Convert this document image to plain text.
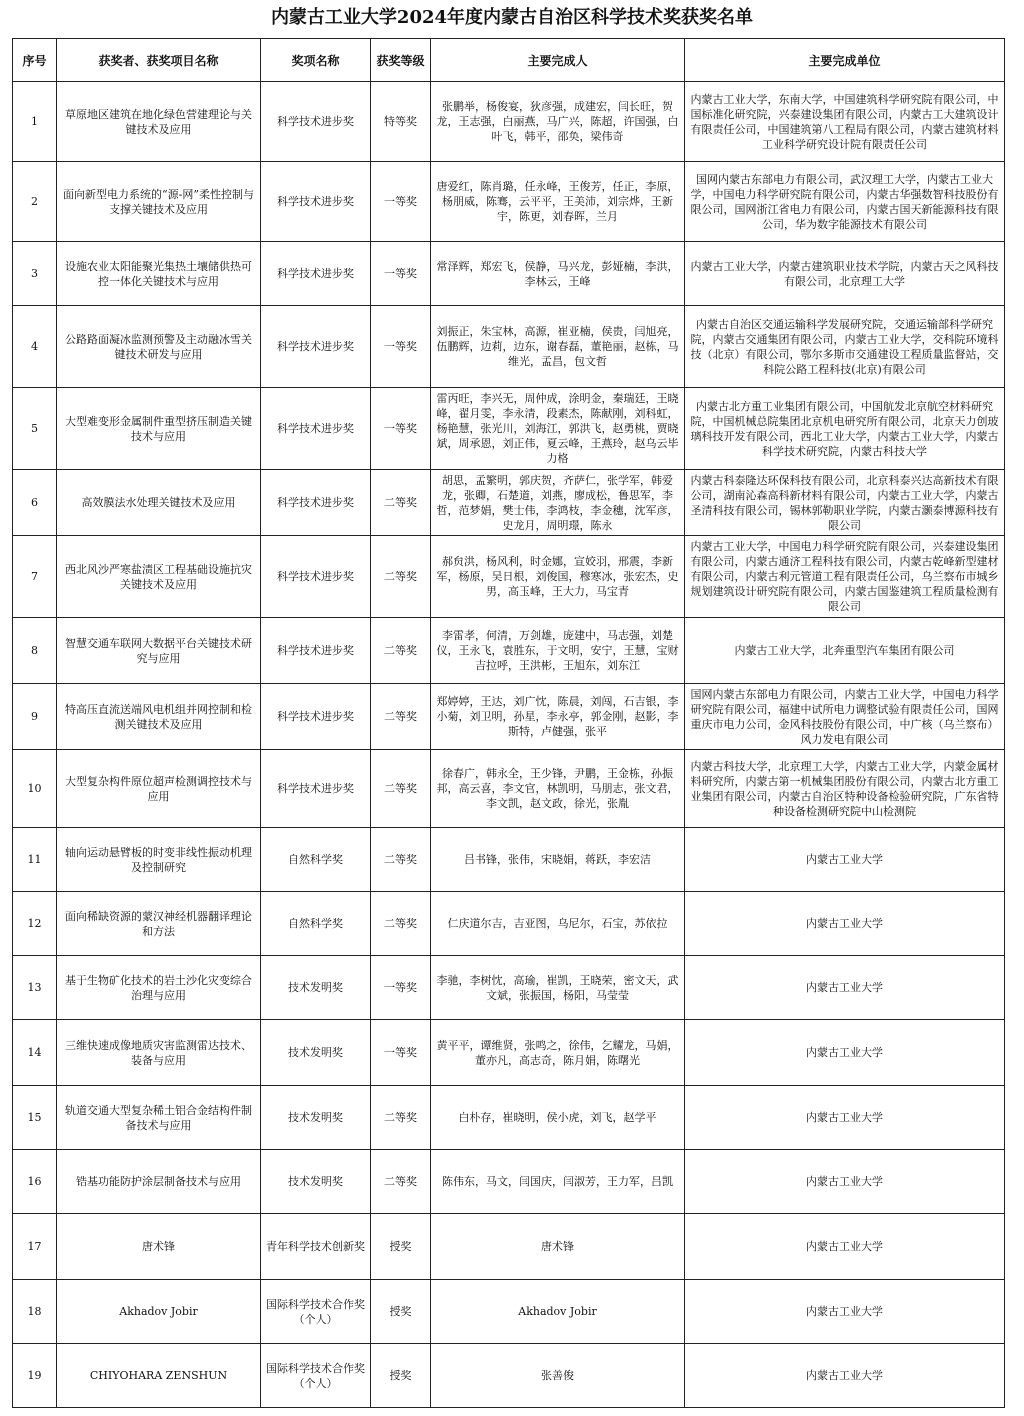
内蒙古工业大学2024年度内蒙古自治区科学技术奖获奖名单
序号	获奖者、获奖项目名称	奖项名称	获奖等级	主要完成人	主要完成单位

1	草原地区建筑在地化绿色营建理论与关键技术及应用	科学技术进步奖	特等奖	张鹏举，杨俊宴，狄彦强，成建宏，闫长旺，贺龙，王志强，白丽燕，马广兴，陈超，许国强，白叶飞，韩平，邵奂，梁伟奇	内蒙古工业大学，东南大学，中国建筑科学研究院有限公司，中国标准化研究院，兴泰建设集团有限公司，内蒙古工大建筑设计有限责任公司，中国建筑第八工程局有限公司，内蒙古建筑材料工业科学研究设计院有限责任公司

2	面向新型电力系统的“源-网”柔性控制与支撑关键技术及应用	科学技术进步奖	一等奖	唐爱红，陈肖璐，任永峰，王俊芳，任正，李原，杨朋威，陈骞，云平平，王美沛，刘宗烨，王新宇，陈更，刘春晖，兰月	国网内蒙古东部电力有限公司，武汉理工大学，内蒙古工业大学，中国电力科学研究院有限公司，内蒙古华强数智科技股份有限公司，国网浙江省电力有限公司，内蒙古国天新能源科技有限公司，华为数字能源技术有限公司

3	设施农业太阳能聚光集热土壤储供热可控一体化关键技术与应用	科学技术进步奖	一等奖	常泽辉，郑宏飞，侯静，马兴龙，彭娅楠，李洪，李林云，王峰	内蒙古工业大学，内蒙古建筑职业技术学院，内蒙古天之风科技有限公司，北京理工大学

4	公路路面凝冰监测预警及主动融冰雪关键技术研发与应用	科学技术进步奖	一等奖	刘振正，朱宝林，高源，崔亚楠，侯贵，闫旭亮，伍鹏辉，边莉，边东，谢春磊，董艳丽，赵栋，马维光，孟昌，包文哲	内蒙古自治区交通运输科学发展研究院，交通运输部科学研究院，内蒙古交通集团有限公司，内蒙古工业大学，交科院环境科技（北京）有限公司，鄂尔多斯市交通建设工程质量监督站，交科院公路工程科技(北京)有限公司

5	大型难变形金属制件重型挤压制造关键技术与应用	科学技术进步奖	一等奖	雷丙旺，李兴无，周仲成，涂明金，秦瑞廷，王晓峰，翟月雯，李永清，段素杰，陈献刚，刘科虹，杨艳慧，张光川，刘海江，郭洪飞，赵勇桃，贾晓斌，周承恩，刘正伟，夏云峰，王燕玲，赵乌云毕力格	内蒙古北方重工业集团有限公司，中国航发北京航空材料研究院，中国机械总院集团北京机电研究所有限公司，北京天力创玻璃科技开发有限公司，西北工业大学，内蒙古工业大学，内蒙古科学技术研究院，内蒙古科技大学

6	高效膜法水处理关键技术及应用	科学技术进步奖	二等奖	胡思，孟繁明，郭庆贺，齐萨仁，张学军，韩爱龙，张卿，石楚道，刘燕，廖成松，鲁思军，李哲，范梦娟，樊士伟，李鸿枝，李金穗，沈军彦，史龙月，周明璟，陈永	内蒙古科泰隆达环保科技有限公司，北京科泰兴达高新技术有限公司，湖南沁森高科新材料有限公司，内蒙古工业大学，内蒙古圣清科技有限公司，锡林郭勒职业学院，内蒙古灏泰博源科技有限公司

7	西北风沙严寒盐渍区工程基础设施抗灾关键技术及应用	科学技术进步奖	二等奖	郝贠洪，杨风利，时金娜，宣姣羽，邢震，李新军，杨原，吴日根，刘俊国，穆寒冰，张宏杰，史男，高玉峰，王大力，马宝青	内蒙古工业大学，中国电力科学研究院有限公司，兴泰建设集团有限公司，内蒙古通济工程科技有限公司，内蒙古乾峰新型建材有限公司，内蒙古利元管道工程有限责任公司，乌兰察布市城乡规划建筑设计研究院有限公司，内蒙古国鉴建筑工程质量检测有限公司

8	智慧交通车联网大数据平台关键技术研究与应用	科学技术进步奖	二等奖	李雷孝，何清，万剑雄，庞建中，马志强，刘楚仪，王永飞，袁胜东，于文明，安宁，王慧，宝财吉拉呼，王洪彬，王旭东，刘东江	内蒙古工业大学，北奔重型汽车集团有限公司

9	特高压直流送端风电机组并网控制和检测关键技术及应用	科学技术进步奖	二等奖	郑婷婷，王达，刘广忱，陈晨，刘闯，石吉银，李小菊，刘卫明，孙星，李永亭，郭金刚，赵影，李斯特，卢健强，张平	国网内蒙古东部电力有限公司，内蒙古工业大学，中国电力科学研究院有限公司，福建中试所电力调整试验有限责任公司，国网重庆市电力公司，金风科技股份有限公司，中广核（乌兰察布）风力发电有限公司

10	大型复杂构件原位超声检测调控技术与应用	科学技术进步奖	二等奖	徐春广，韩永全，王少锋，尹鹏，王金栋，孙振邦，高云喜，李文官，林凯明，马朋志，张文君，李文凯，赵文政，徐光，张胤	内蒙古科技大学，北京理工大学，内蒙古工业大学，内蒙金属材料研究所，内蒙古第一机械集团股份有限公司，内蒙古北方重工业集团有限公司，内蒙古自治区特种设备检验研究院，广东省特种设备检测研究院中山检测院

11	轴向运动悬臂板的时变非线性振动机理及控制研究	自然科学奖	二等奖	吕书锋，张伟，宋晓娟，蒋跃，李宏洁	内蒙古工业大学

12	面向稀缺资源的蒙汉神经机器翻译理论和方法	自然科学奖	二等奖	仁庆道尔吉，吉亚图，乌尼尔，石宝，苏依拉	内蒙古工业大学

13	基于生物矿化技术的岩土沙化灾变综合治理与应用	技术发明奖	一等奖	李驰，李树忱，高瑜，崔凯，王晓荣，密文天，武文斌，张振国，杨阳，马莹莹	内蒙古工业大学

14	三维快速成像地质灾害监测雷达技术、装备与应用	技术发明奖	一等奖	黄平平，谭维贤，张鸣之，徐伟，乞耀龙，马娟，董亦凡，高志奇，陈月娟，陈曙光	内蒙古工业大学

15	轨道交通大型复杂稀土铝合金结构件制备技术与应用	技术发明奖	二等奖	白朴存，崔晓明，侯小虎，刘飞，赵学平	内蒙古工业大学

16	锆基功能防护涂层制备技术与应用	技术发明奖	二等奖	陈伟东，马文，闫国庆，闫淑芳，王力军，吕凯	内蒙古工业大学

17	唐术锋	青年科学技术创新奖	授奖	唐术锋	内蒙古工业大学

18	Akhadov Jobir	国际科学技术合作奖（个人）	授奖	Akhadov Jobir	内蒙古工业大学

19	CHIYOHARA ZENSHUN	国际科学技术合作奖（个人）	授奖	张善俊	内蒙古工业大学
